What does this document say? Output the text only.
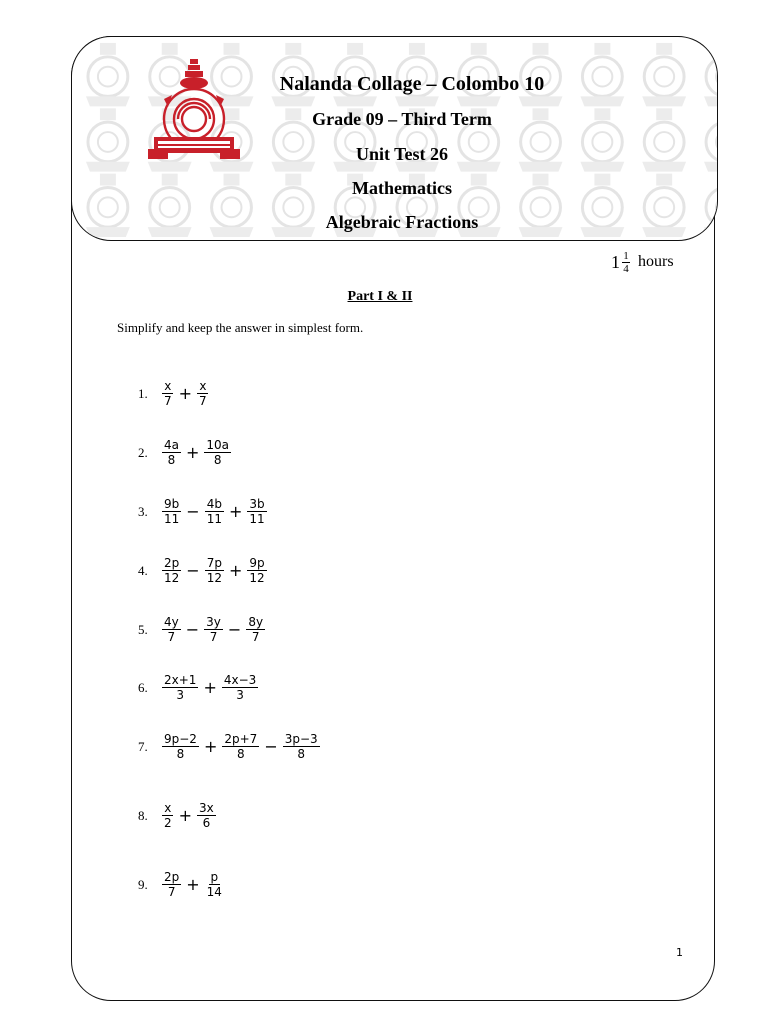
Nalanda Collage – Colombo 10
Grade 09 – Third Term
Unit Test 26
Mathematics
Algebraic Fractions
$1 \frac{1}{4}$ hours
Part I & II
Simplify and keep the answer in simplest form.
1.	$\frac{x}{7} + \frac{x}{7}$
2.	$\frac{4a}{8} + \frac{10a}{8}$
3.	$\frac{9b}{11} - \frac{4b}{11} + \frac{3b}{11}$
4.	$\frac{2p}{12} - \frac{7p}{12} + \frac{9p}{12}$
5.	$\frac{4y}{7} - \frac{3y}{7} - \frac{8y}{7}$
6.	$\frac{2x+1}{3} + \frac{4x-3}{3}$
7.	$\frac{9p-2}{8} + \frac{2p+7}{8} - \frac{3p-3}{8}$
8.	$\frac{x}{2} + \frac{3x}{6}$
9.	$\frac{2p}{7} + \frac{p}{14}$
1
